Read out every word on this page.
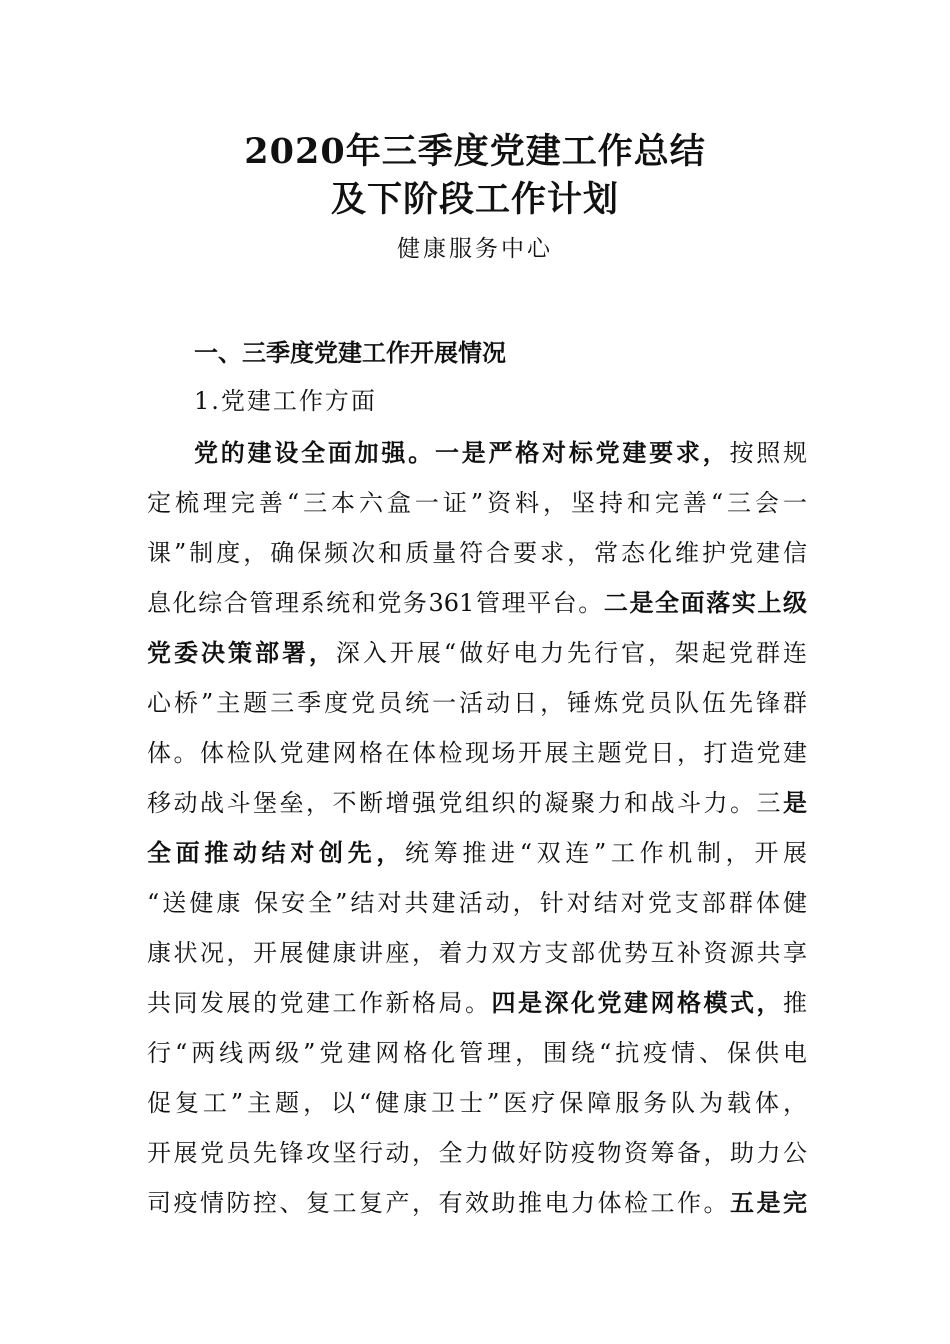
2020年三季度党建工作总结
及下阶段工作计划
健康服务中心
一、三季度党建工作开展情况
1.党建工作方面
党的建设全面加强。一是严格对标党建要求，按照规
定梳理完善“三本六盒一证”资料，坚持和完善“三会一
课”制度，确保频次和质量符合要求，常态化维护党建信
息化综合管理系统和党务361管理平台。二是全面落实上级
党委决策部署，深入开展“做好电力先行官，架起党群连
心桥”主题三季度党员统一活动日，锤炼党员队伍先锋群
体。体检队党建网格在体检现场开展主题党日，打造党建
移动战斗堡垒，不断增强党组织的凝聚力和战斗力。三是
全面推动结对创先，统筹推进“双连”工作机制，开展
“送健康 保安全”结对共建活动，针对结对党支部群体健
康状况，开展健康讲座，着力双方支部优势互补资源共享
共同发展的党建工作新格局。四是深化党建网格模式，推
行“两线两级”党建网格化管理，围绕“抗疫情、保供电
促复工”主题，以“健康卫士”医疗保障服务队为载体，
开展党员先锋攻坚行动，全力做好防疫物资筹备，助力公
司疫情防控、复工复产，有效助推电力体检工作。五是完
